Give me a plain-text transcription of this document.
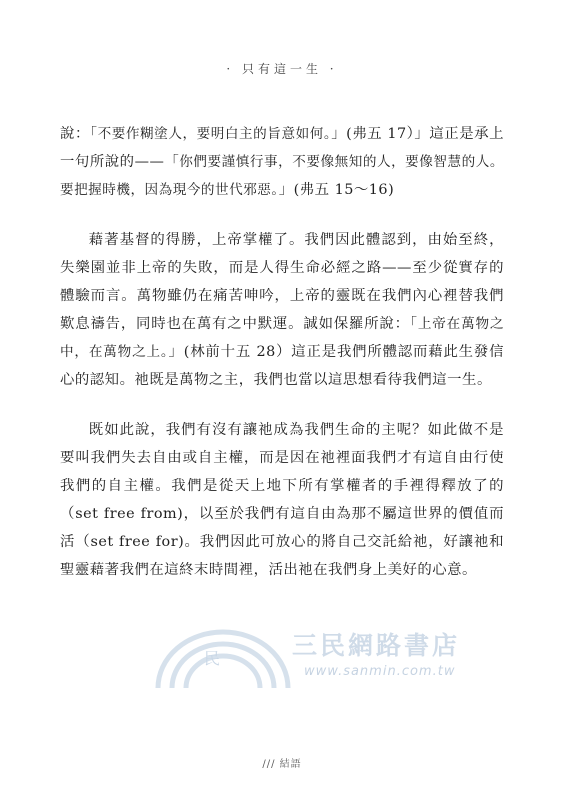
· 只有這一生 ·

說：「不要作糊塗人，要明白主的旨意如何。」(弗五 17）」這正是承上一句所說的——「你們要謹慎行事，不要像無知的人，要像智慧的人。要把握時機，因為現今的世代邪惡。」(弗五 15～16)

藉著基督的得勝，上帝掌權了。我們因此體認到，由始至終，失樂園並非上帝的失敗，而是人得生命必經之路——至少從實存的體驗而言。萬物雖仍在痛苦呻吟，上帝的靈既在我們內心裡替我們歎息禱告，同時也在萬有之中默運。誠如保羅所說：「上帝在萬物之中，在萬物之上。」(林前十五 28）這正是我們所體認而藉此生發信心的認知。祂既是萬物之主，我們也當以這思想看待我們這一生。

既如此說，我們有沒有讓祂成為我們生命的主呢？如此做不是要叫我們失去自由或自主權，而是因在祂裡面我們才有這自由行使我們的自主權。我們是從天上地下所有掌權者的手裡得釋放了的（set free from)，以至於我們有這自由為那不屬這世界的價值而活（set free for)。我們因此可放心的將自己交託給祂，好讓祂和聖靈藉著我們在這終末時間裡，活出祂在我們身上美好的心意。

民	三民網路書店
www.sanmin.com.tw
/// 結語
